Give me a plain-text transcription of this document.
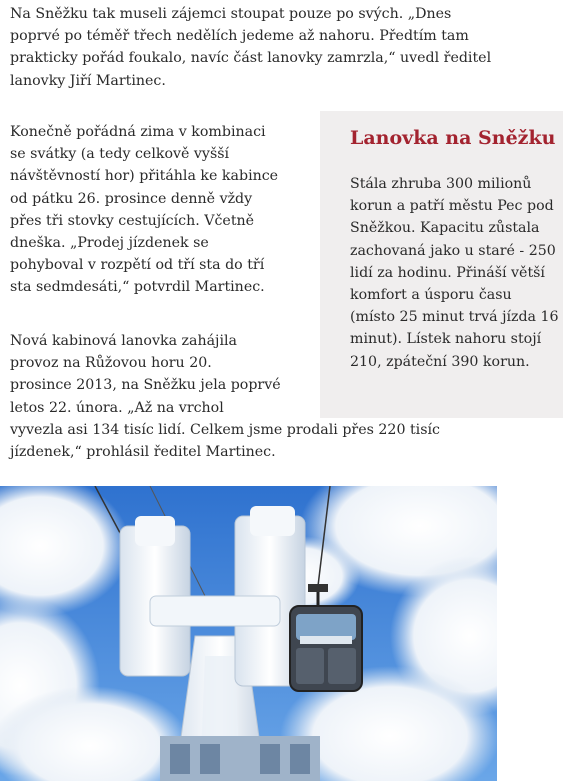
Na Sněžku tak museli zájemci stoupat pouze po svých. „Dnes
poprvé po téměř třech nedělích jedeme až nahoru. Předtím tam
prakticky pořád foukalo, navíc část lanovky zamrzla,“ uvedl ředitel
lanovky Jiří Martinec.
Konečně pořádná zima v kombinaci
se svátky (a tedy celkově vyšší
návštěvností hor) přitáhla ke kabince
od pátku 26. prosince denně vždy
přes tři stovky cestujících. Včetně
dneška. „Prodej jízdenek se
pohyboval v rozpětí od tří sta do tří
sta sedmdesáti,“ potvrdil Martinec.
Lanovka na Sněžku

Stála zhruba 300 milionů
korun a patří městu Pec pod
Sněžkou. Kapacitu zůstala
zachovaná jako u staré - 250
lidí za hodinu. Přináší větší
komfort a úsporu času
(místo 25 minut trvá jízda 16
minut). Lístek nahoru stojí
210, zpáteční 390 korun.

Nová kabinová lanovka zahájila
provoz na Růžovou horu 20.
prosince 2013, na Sněžku jela poprvé
letos 22. února. „Až na vrchol
vyvezla asi 134 tisíc lidí. Celkem jsme prodali přes 220 tisíc
jízdenek,“ prohlásil ředitel Martinec.
